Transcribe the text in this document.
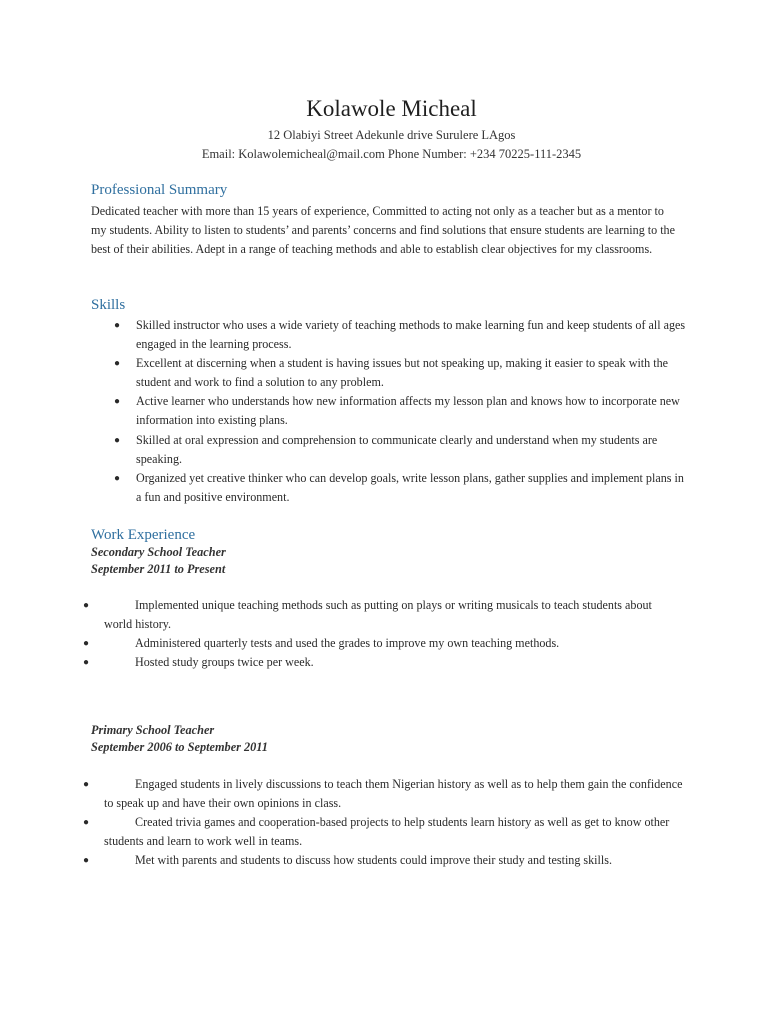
Kolawole Micheal
12 Olabiyi Street Adekunle drive Surulere LAgos
Email: Kolawolemicheal@mail.com Phone Number: +234 70225-111-2345
Professional Summary
Dedicated teacher with more than 15 years of experience, Committed to acting not only as a teacher but as a mentor to my students. Ability to listen to students’ and parents’ concerns and find solutions that ensure students are learning to the best of their abilities. Adept in a range of teaching methods and able to establish clear objectives for my classrooms.
Skills
● Skilled instructor who uses a wide variety of teaching methods to make learning fun and keep students of all ages engaged in the learning process.
● Excellent at discerning when a student is having issues but not speaking up, making it easier to speak with the student and work to find a solution to any problem.
● Active learner who understands how new information affects my lesson plan and knows how to incorporate new information into existing plans.
● Skilled at oral expression and comprehension to communicate clearly and understand when my students are speaking.
● Organized yet creative thinker who can develop goals, write lesson plans, gather supplies and implement plans in a fun and positive environment.
Work Experience
Secondary School Teacher
September 2011 to Present
●	Implemented unique teaching methods such as putting on plays or writing musicals to teach students about world history.
●	Administered quarterly tests and used the grades to improve my own teaching methods.
●	Hosted study groups twice per week.
Primary School Teacher
September 2006 to September 2011
●	Engaged students in lively discussions to teach them Nigerian history as well as to help them gain the confidence to speak up and have their own opinions in class.
●	Created trivia games and cooperation-based projects to help students learn history as well as get to know other students and learn to work well in teams.
●	Met with parents and students to discuss how students could improve their study and testing skills.
